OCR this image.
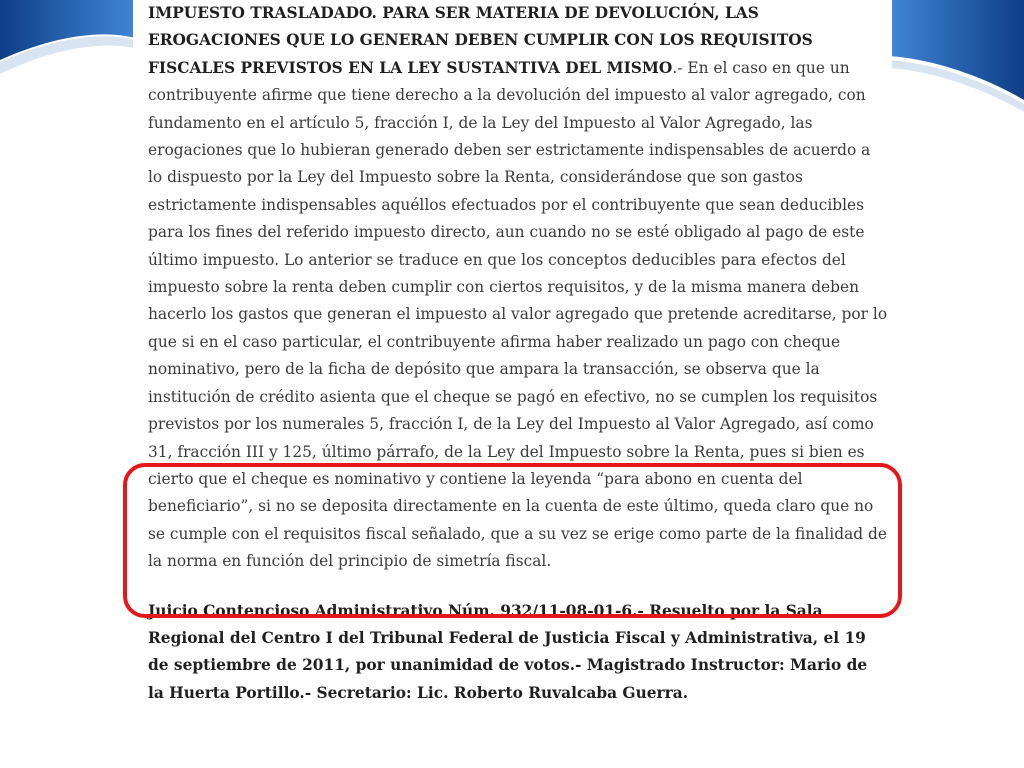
IMPUESTO TRASLADADO. PARA SER MATERIA DE DEVOLUCIÓN, LAS EROGACIONES QUE LO GENERAN DEBEN CUMPLIR CON LOS REQUISITOS FISCALES PREVISTOS EN LA LEY SUSTANTIVA DEL MISMO.- En el caso en que un contribuyente afirme que tiene derecho a la devolución del impuesto al valor agregado, con fundamento en el artículo 5, fracción I, de la Ley del Impuesto al Valor Agregado, las erogaciones que lo hubieran generado deben ser estrictamente indispensables de acuerdo a lo dispuesto por la Ley del Impuesto sobre la Renta, considerándose que son gastos estrictamente indispensables aquéllos efectuados por el contribuyente que sean deducibles para los fines del referido impuesto directo, aun cuando no se esté obligado al pago de este último impuesto. Lo anterior se traduce en que los conceptos deducibles para efectos del impuesto sobre la renta deben cumplir con ciertos requisitos, y de la misma manera deben hacerlo los gastos que generan el impuesto al valor agregado que pretende acreditarse, por lo que si en el caso particular, el contribuyente afirma haber realizado un pago con cheque nominativo, pero de la ficha de depósito que ampara la transacción, se observa que la institución de crédito asienta que el cheque se pagó en efectivo, no se cumplen los requisitos previstos por los numerales 5, fracción I, de la Ley del Impuesto al Valor Agregado, así como 31, fracción III y 125, último párrafo, de la Ley del Impuesto sobre la Renta, pues si bien es cierto que el cheque es nominativo y contiene la leyenda “para abono en cuenta del beneficiario”, si no se deposita directamente en la cuenta de este último, queda claro que no se cumple con el requisitos fiscal señalado, que a su vez se erige como parte de la finalidad de la norma en función del principio de simetría fiscal.

Juicio Contencioso Administrativo Núm. 932/11-08-01-6.- Resuelto por la Sala Regional del Centro I del Tribunal Federal de Justicia Fiscal y Administrativa, el 19 de septiembre de 2011, por unanimidad de votos.- Magistrado Instructor: Mario de la Huerta Portillo.- Secretario: Lic. Roberto Ruvalcaba Guerra.
